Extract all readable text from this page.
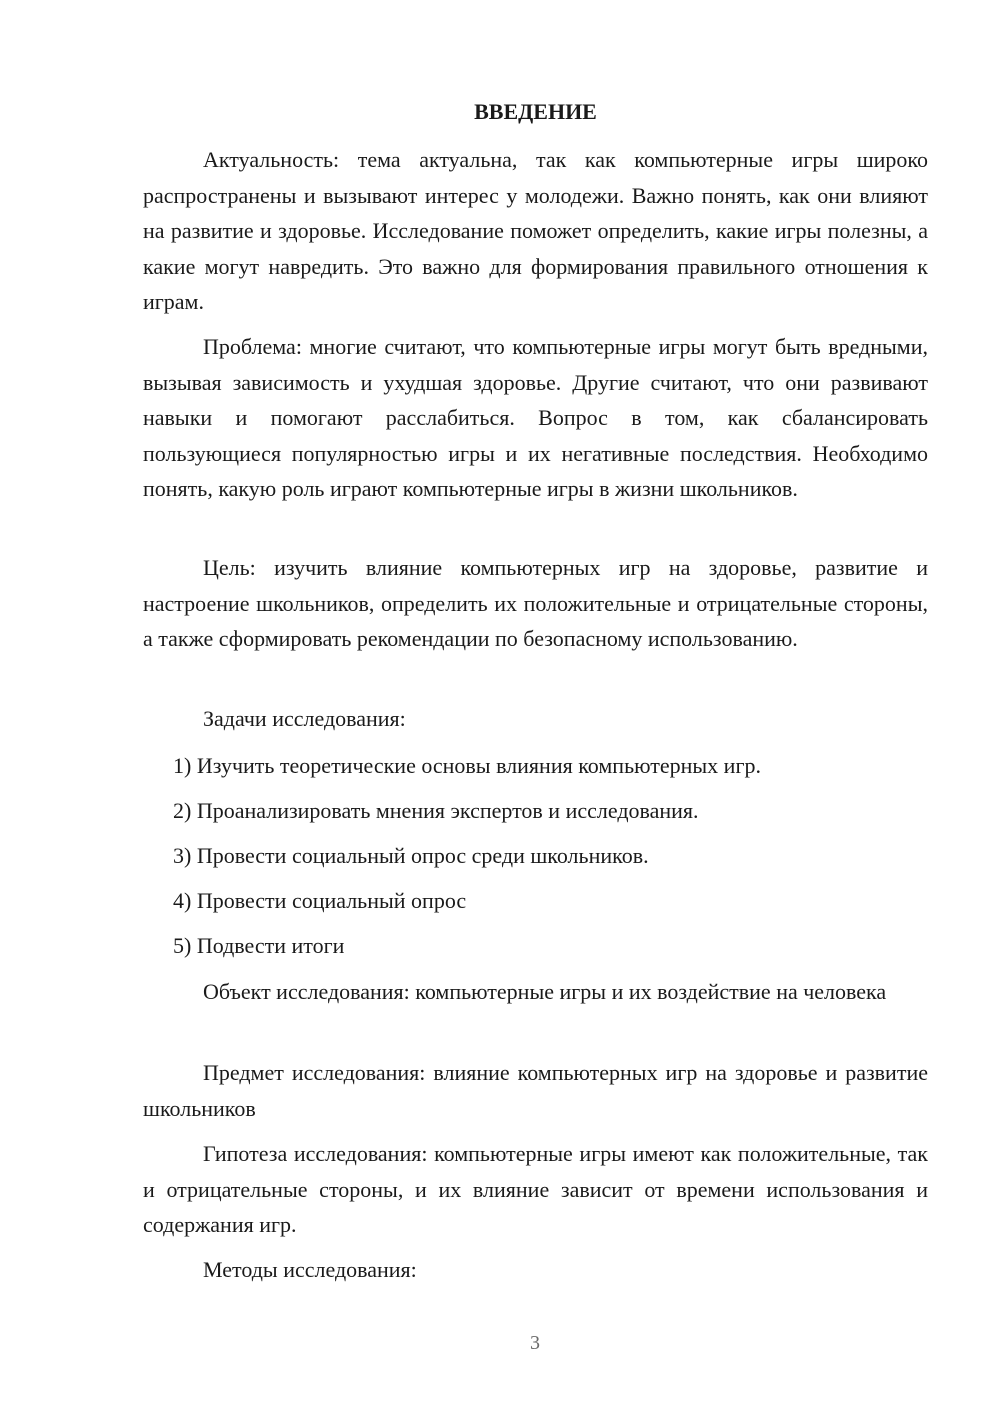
ВВЕДЕНИЕ

Актуальность: тема актуальна, так как компьютерные игры широко распространены и вызывают интерес у молодежи. Важно понять, как они влияют на развитие и здоровье. Исследование поможет определить, какие игры полезны, а какие могут навредить. Это важно для формирования правильного отношения к играм.

Проблема: многие считают, что компьютерные игры могут быть вредными, вызывая зависимость и ухудшая здоровье. Другие считают, что они развивают навыки и помогают расслабиться. Вопрос в том, как сбалансировать пользующиеся популярностью игры и их негативные последствия. Необходимо понять, какую роль играют компьютерные игры в жизни школьников.

Цель: изучить влияние компьютерных игр на здоровье, развитие и настроение школьников, определить их положительные и отрицательные стороны, а также сформировать рекомендации по безопасному использованию.

Задачи исследования:

1) Изучить теоретические основы влияния компьютерных игр.

2) Проанализировать мнения экспертов и исследования.

3) Провести социальный опрос среди школьников.

4) Провести социальный опрос

5) Подвести итоги

Объект исследования: компьютерные игры и их воздействие на человека

Предмет исследования: влияние компьютерных игр на здоровье и развитие школьников

Гипотеза исследования: компьютерные игры имеют как положительные, так и отрицательные стороны, и их влияние зависит от времени использования и содержания игр.

Методы исследования:

3
